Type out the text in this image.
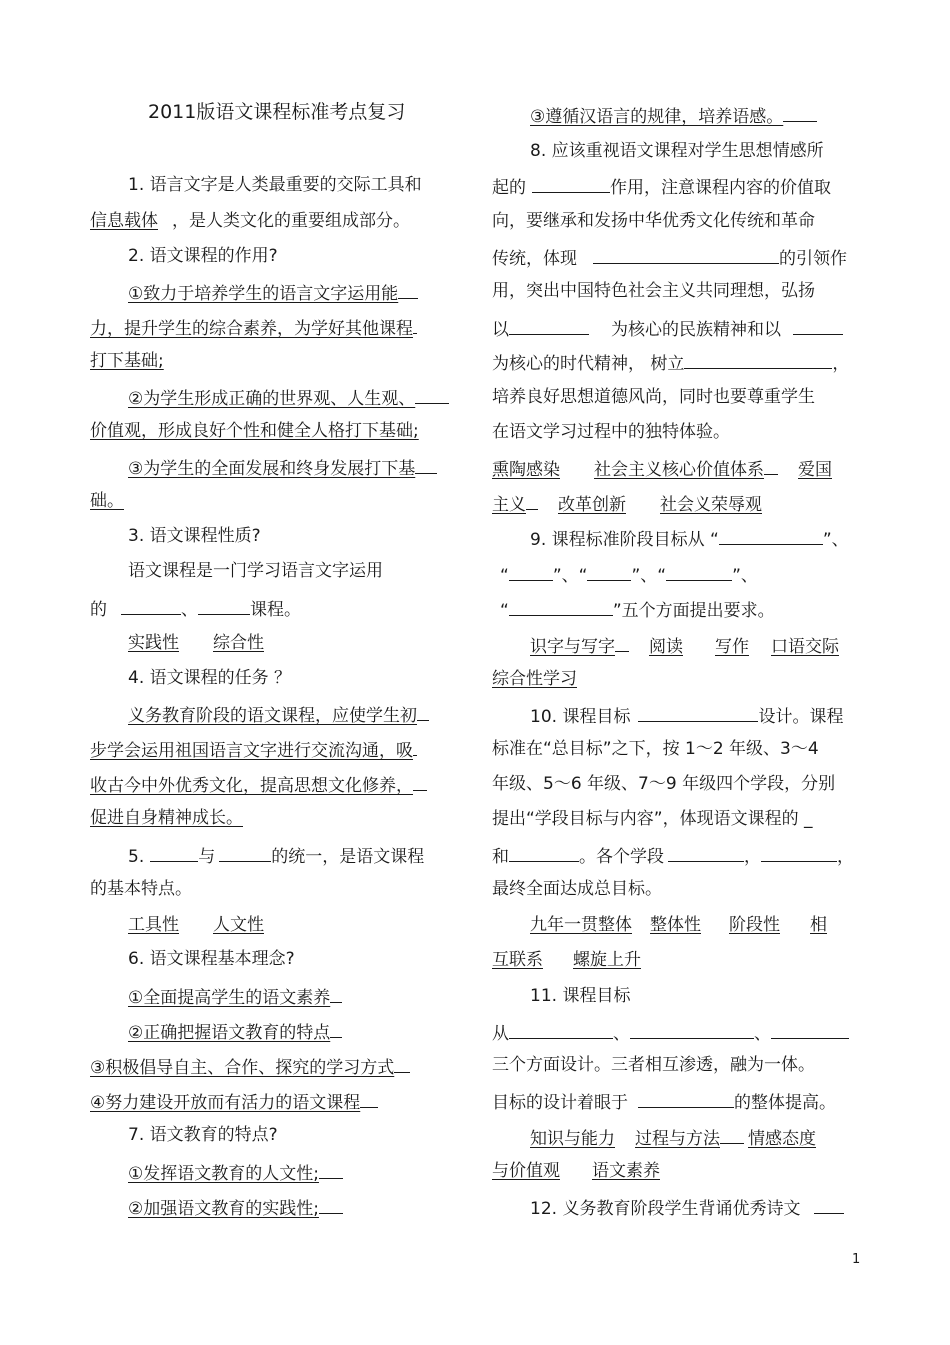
2011版语文课程标准考点复习
1. 语言文字是人类最重要的交际工具和
信息载体 ，是人类文化的重要组成部分。
2. 语文课程的作用?
①致力于培养学生的语言文字运用能
力，提升学生的综合素养，为学好其他课程
打下基础;
②为学生形成正确的世界观、人生观、
价值观，形成良好个性和健全人格打下基础;
③为学生的全面发展和终身发展打下基
础。
3. 语文课程性质?
语文课程是一门学习语言文字运用
的	、	课程。
实践性 综合性
4. 语文课程的任务 ？
义务教育阶段的语文课程，应使学生初
步学会运用祖国语言文字进行交流沟通，吸
收古今中外优秀文化，提高思想文化修养，
促进自身精神成长。
5.	与	的统一，是语文课程
的基本特点。
工具性 人文性
6. 语文课程基本理念?
①全面提高学生的语文素养
②正确把握语文教育的特点
③积极倡导自主、合作、探究的学习方式
④努力建设开放而有活力的语文课程
7. 语文教育的特点?
①发挥语文教育的人文性;
②加强语文教育的实践性;
③遵循汉语言的规律，培养语感。
8. 应该重视语文课程对学生思想情感所
起的	作用，注意课程内容的价值取
向，要继承和发扬中华优秀文化传统和革命
传统，体现	的引领作
用，突出中国特色社会主义共同理想，弘扬
以	为核心的民族精神和以
为核心的时代精神， 树立	，
培养良好思想道德风尚，同时也要尊重学生
在语文学习过程中的独特体验。
熏陶感染 社会主义核心价值体系 爱国
主义 改革创新 社会义荣辱观
9. 课程标准阶段目标从 “	”、
“	”、“	”、“	”、
“	”五个方面提出要求。
识字与写字 阅读 写作 口语交际
综合性学习
10. 课程目标	设计。课程
标准在“总目标”之下，按 1～2 年级、3～4
年级、5～6 年级、7～9 年级四个学段，分别
提出“学段目标与内容”，体现语文课程的 _
和	。各个学段	，	，
最终全面达成总目标。
九年一贯整体 整体性 阶段性 相
互联系 螺旋上升
11. 课程目标
从	、	、
三个方面设计。三者相互渗透，融为一体。
目标的设计着眼于	的整体提高。
知识与能力 过程与方法 情感态度
与价值观 语文素养
12. 义务教育阶段学生背诵优秀诗文
1
